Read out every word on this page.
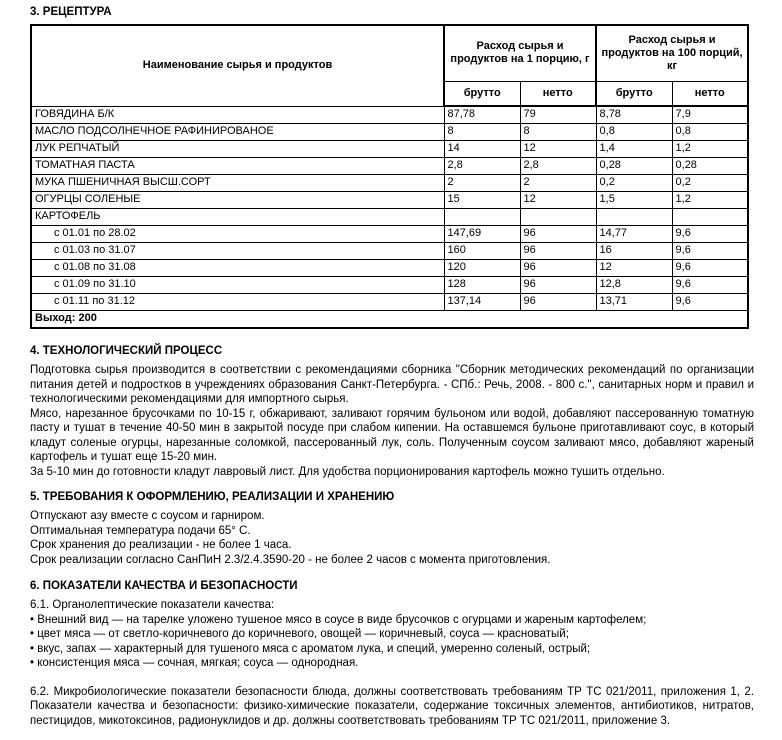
3. РЕЦЕПТУРА
Наименование сырья и продуктов	Расход сырья и продуктов на 1 порцию, г		Расход сырья и продуктов на 100 порций, кг	
	брутто	нетто	брутто	нетто
ГОВЯДИНА Б/К	87,78	79	8,78	7,9
МАСЛО ПОДСОЛНЕЧНОЕ РАФИНИРОВАНОЕ	8	8	0,8	0,8
ЛУК РЕПЧАТЫЙ	14	12	1,4	1,2
ТОМАТНАЯ ПАСТА	2,8	2,8	0,28	0,28
МУКА ПШЕНИЧНАЯ ВЫСШ.СОРТ	2	2	0,2	0,2
ОГУРЦЫ СОЛЕНЫЕ	15	12	1,5	1,2
КАРТОФЕЛЬ				
с 01.01 по 28.02	147,69	96	14,77	9,6
с 01.03 по 31.07	160	96	16	9,6
с 01.08 по 31.08	120	96	12	9,6
с 01.09 по 31.10	128	96	12,8	9,6
с 01.11 по 31.12	137,14	96	13,71	9,6
Выход: 200				
4. ТЕХНОЛОГИЧЕСКИЙ ПРОЦЕСС

Подготовка сырья производится в соответствии с рекомендациями сборника "Сборник методических рекомендаций по организации питания детей и подростков в учреждениях образования Санкт-Петербурга. - СПб.: Речь, 2008. - 800 с.", санитарных норм и правил и технологическими рекомендациями для импортного сырья.

Мясо, нарезанное брусочками по 10-15 г, обжаривают, заливают горячим бульоном или водой, добавляют пассерованную томатную пасту и тушат в течение 40-50 мин в закрытой посуде при слабом кипении. На оставшемся бульоне приготавливают соус, в который кладут соленые огурцы, нарезанные соломкой, пассерованный лук, соль. Полученным соусом заливают мясо, добавляют жареный картофель и тушат еще 15-20 мин.

За 5-10 мин до готовности кладут лавровый лист. Для удобства порционирования картофель можно тушить отдельно.

5. ТРЕБОВАНИЯ К ОФОРМЛЕНИЮ, РЕАЛИЗАЦИИ И ХРАНЕНИЮ
Отпускают азу вместе с соусом и гарниром.
Оптимальная температура подачи 65° C.
Срок хранения до реализации - не более 1 часа.
Срок реализации согласно СанПиН 2.3/2.4.3590-20 - не более 2 часов с момента приготовления.
6. ПОКАЗАТЕЛИ КАЧЕСТВА И БЕЗОПАСНОСТИ
6.1. Органолептические показатели качества:
• Внешний вид — на тарелке уложено тушеное мясо в соусе в виде брусочков с огурцами и жареным картофелем;
• цвет мяса — от светло-коричневого до коричневого, овощей — коричневый, соуса — красноватый;
• вкус, запах — характерный для тушеного мяса с ароматом лука, и специй, умеренно соленый, острый;
• консистенция мяса — сочная, мягкая; соуса — однородная.

6.2. Микробиологические показатели безопасности блюда, должны соответствовать требованиям ТР ТС 021/2011, приложения 1, 2. Показатели качества и безопасности: физико-химические показатели, содержание токсичных элементов, антибиотиков, нитратов, пестицидов, микотоксинов, радионуклидов и др. должны соответствовать требованиям ТР ТС 021/2011, приложение 3.
